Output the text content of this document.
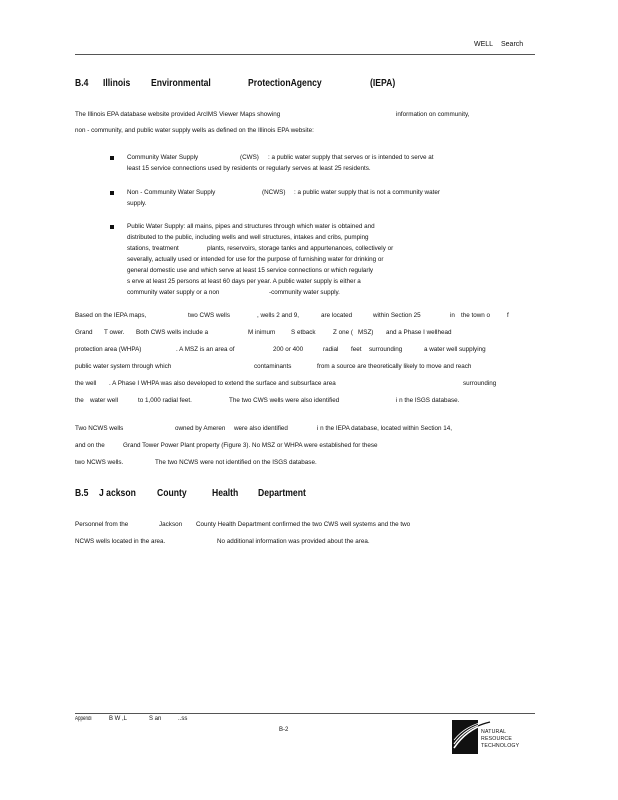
WELL Search
B.4 Illinois Environmental	ProtectionAgency	(IEPA)
The Illinois EPA database website provided ArcIMS Viewer Maps showing	information on community,
non - community, and public water supply wells as defined on the Illinois EPA website:
Community Water Supply	(CWS) : a public water supply that serves or is intended to serve at
least 15 service connections used by residents or regularly serves at least 25 residents.
Non - Community Water Supply	(NCWS) : a public water supply that is not a community water
supply.
Public Water Supply: all mains, pipes and structures through which water is obtained and
distributed to the public, including wells and well structures, intakes and cribs, pumping
stations, treatment	plants, reservoirs, storage tanks and appurtenances, collectively or
severally, actually used or intended for use for the purpose of furnishing water for drinking or
general domestic use and which serve at least 15 service connections or which regularly
s erve at least 25 persons at least 60 days per year. A public water supply is either a
community water supply or a non	-community water supply.
Based on the IEPA maps,	two CWS wells	, wells 2 and 9,	are located	within Section 25	in the town o	f
Grand T ower. Both CWS wells include a	M inimum S etback	Z one ( MSZ) and a Phase I wellhead
protection area (WHPA)	. A MSZ is an area of	200 or 400	radial feet surrounding	a water well supplying
public water system through which	contaminants	from a source are theoretically likely to move and reach
the well . A Phase I WHPA was also developed to extend the surface and subsurface area	surrounding
the water well	to 1,000 radial feet.	The two CWS wells were also identified	i n the ISGS database.
Two NCWS wells	owned by Ameren were also identified	i n the IEPA database, located within Section 14,
and on the	Grand Tower Power Plant property (Figure 3). No MSZ or WHPA were established for these
two NCWS wells.	The two NCWS were not identified on the ISGS database.
B.5 J ackson County Health Department
Personnel from the	Jackson County Health Department confirmed the two CWS well systems and the two
NCWS wells located in the area.	No additional information was provided about the area.
Appendi	B W ,L	S an	..ss
B-2	NATURAL
RESOURCE
TECHNOLOGY
